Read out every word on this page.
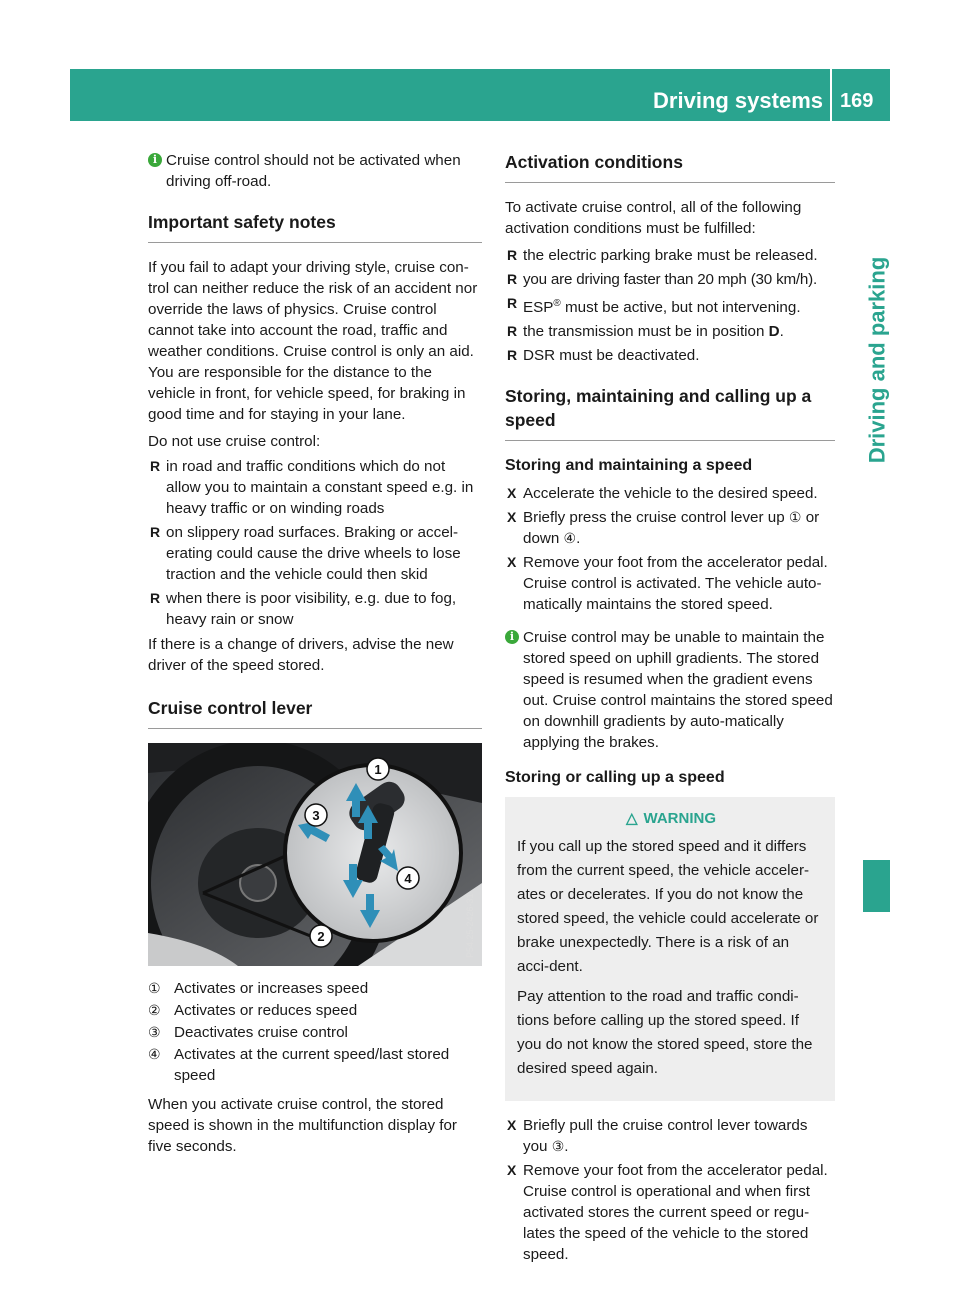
Driving systems 169
Driving and parking
i Cruise control should not be activated when driving off-road.
Important safety notes

If you fail to adapt your driving style, cruise con-trol can neither reduce the risk of an accident nor override the laws of physics. Cruise control cannot take into account the road, traffic and weather conditions. Cruise control is only an aid. You are responsible for the distance to the vehicle in front, for vehicle speed, for braking in good time and for staying in your lane.

Do not use cruise control:

R in road and traffic conditions which do not allow you to maintain a constant speed e.g. in heavy traffic or on winding roads
R on slippery road surfaces. Braking or accel-erating could cause the drive wheels to lose traction and the vehicle could then skid
R when there is poor visibility, e.g. due to fog, heavy rain or snow

If there is a change of drivers, advise the new driver of the speed stored.

Cruise control lever
1
2
3
4
P54.25-2426-31
① Activates or increases speed
② Activates or reduces speed
③ Deactivates cruise control
④ Activates at the current speed/last stored speed

When you activate cruise control, the stored speed is shown in the multifunction display for five seconds.

Activation conditions

To activate cruise control, all of the following activation conditions must be fulfilled:

R the electric parking brake must be released.
R you are driving faster than 20 mph (30 km/h).
R ESP® must be active, but not intervening.
R the transmission must be in position D.
R DSR must be deactivated.
Storing, maintaining and calling up a speed
Storing and maintaining a speed
X Accelerate the vehicle to the desired speed.
X Briefly press the cruise control lever up ① or down ④.
X Remove your foot from the accelerator pedal. Cruise control is activated. The vehicle auto-matically maintains the stored speed.
i Cruise control may be unable to maintain the stored speed on uphill gradients. The stored speed is resumed when the gradient evens out. Cruise control maintains the stored speed on downhill gradients by auto-matically applying the brakes.
Storing or calling up a speed
△ WARNING

If you call up the stored speed and it differs from the current speed, the vehicle acceler-ates or decelerates. If you do not know the stored speed, the vehicle could accelerate or brake unexpectedly. There is a risk of an acci-dent.

Pay attention to the road and traffic condi-tions before calling up the stored speed. If you do not know the stored speed, store the desired speed again.

X Briefly pull the cruise control lever towards you ③.
X Remove your foot from the accelerator pedal. Cruise control is operational and when first activated stores the current speed or regu-lates the speed of the vehicle to the stored speed.
